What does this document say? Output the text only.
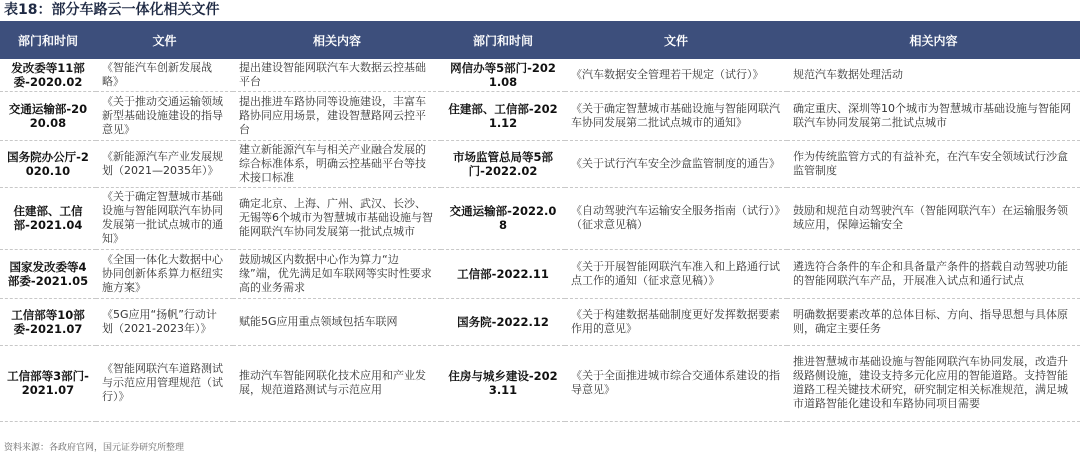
表18：部分车路云一体化相关文件
部门和时间	文件	相关内容	部门和时间	文件	相关内容
发改委等11部委-2020.02	《智能汽车创新发展战略》	提出建设智能网联汽车大数据云控基础平台	网信办等5部门-2021.08	《汽车数据安全管理若干规定（试行）》	规范汽车数据处理活动
交通运输部-2020.08	《关于推动交通运输领域新型基础设施建设的指导意见》	提出推进车路协同等设施建设，丰富车路协同应用场景，建设智慧路网云控平台	住建部、工信部-2021.12	《关于确定智慧城市基础设施与智能网联汽车协同发展第二批试点城市的通知》	确定重庆、深圳等10个城市为智慧城市基础设施与智能网联汽车协同发展第二批试点城市
国务院办公厅-2020.10	《新能源汽车产业发展规划（2021—2035年）》	建立新能源汽车与相关产业融合发展的综合标准体系，明确云控基础平台等技术接口标准	市场监管总局等5部门-2022.02	《关于试行汽车安全沙盒监管制度的通告》	作为传统监管方式的有益补充，在汽车安全领域试行沙盒监管制度
住建部、工信部-2021.04	《关于确定智慧城市基础设施与智能网联汽车协同发展第一批试点城市的通知》	确定北京、上海、广州、武汉、长沙、无锡等6个城市为智慧城市基础设施与智能网联汽车协同发展第一批试点城市	交通运输部-2022.08	《自动驾驶汽车运输安全服务指南（试行）》（征求意见稿）	鼓励和规范自动驾驶汽车（智能网联汽车）在运输服务领域应用，保障运输安全
国家发改委等4部委-2021.05	《全国一体化大数据中心协同创新体系算力枢纽实施方案》	鼓励城区内数据中心作为算力“边缘”端，优先满足如车联网等实时性要求高的业务需求	工信部-2022.11	《关于开展智能网联汽车准入和上路通行试点工作的通知（征求意见稿）》	遴选符合条件的车企和具备量产条件的搭载自动驾驶功能的智能网联汽车产品，开展准入试点和通行试点
工信部等10部委-2021.07	《5G应用“扬帆”行动计划（2021-2023年）》	赋能5G应用重点领域包括车联网	国务院-2022.12	《关于构建数据基础制度更好发挥数据要素作用的意见》	明确数据要素改革的总体目标、方向、指导思想与具体原则，确定主要任务
工信部等3部门-2021.07	《智能网联汽车道路测试与示范应用管理规范（试行）》	推动汽车智能网联化技术应用和产业发展，规范道路测试与示范应用	住房与城乡建设-2023.11	《关于全面推进城市综合交通体系建设的指导意见》	推进智慧城市基础设施与智能网联汽车协同发展，改造升级路侧设施，建设支持多元化应用的智能道路。支持智能道路工程关键技术研究，研究制定相关标准规范，满足城市道路智能化建设和车路协同项目需要
资料来源：各政府官网，国元证券研究所整理
